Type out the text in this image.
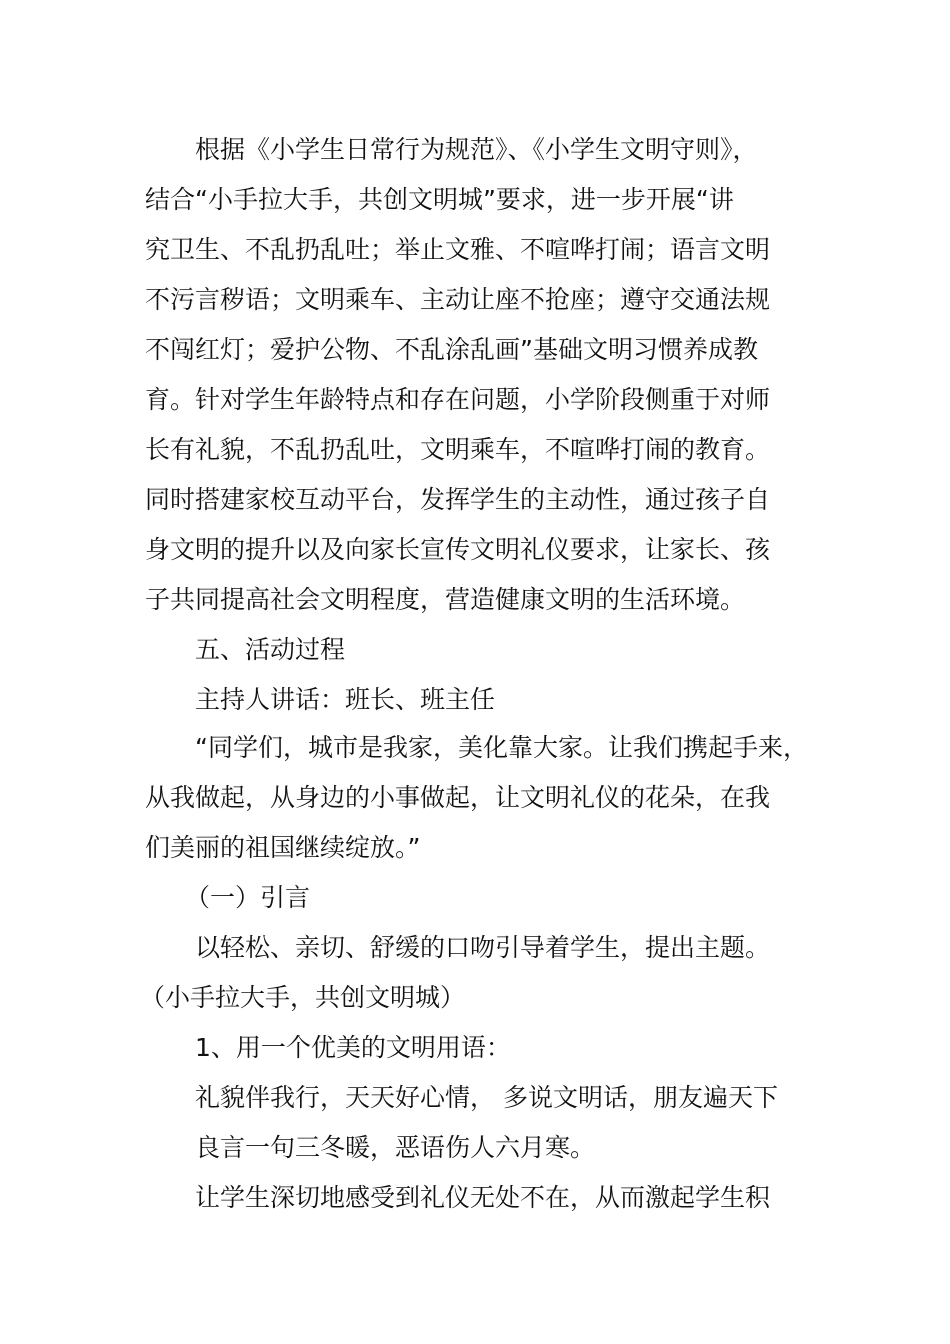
根据《小学生日常行为规范》、《小学生文明守则》，
结合“小手拉大手，共创文明城”要求，进一步开展“讲
究卫生、不乱扔乱吐；举止文雅、不喧哗打闹；语言文明
不污言秽语；文明乘车、主动让座不抢座；遵守交通法规
不闯红灯；爱护公物、不乱涂乱画”基础文明习惯养成教
育。针对学生年龄特点和存在问题，小学阶段侧重于对师
长有礼貌，不乱扔乱吐，文明乘车，不喧哗打闹的教育。
同时搭建家校互动平台，发挥学生的主动性，通过孩子自
身文明的提升以及向家长宣传文明礼仪要求，让家长、孩
子共同提高社会文明程度，营造健康文明的生活环境。
五、活动过程
主持人讲话：班长、班主任
“同学们，城市是我家，美化靠大家。让我们携起手来，
从我做起，从身边的小事做起，让文明礼仪的花朵，在我
们美丽的祖国继续绽放。”
（一）引言
以轻松、亲切、舒缓的口吻引导着学生，提出主题。
（小手拉大手，共创文明城）
1、用一个优美的文明用语：
礼貌伴我行，天天好心情， 多说文明话，朋友遍天下
良言一句三冬暖，恶语伤人六月寒。
让学生深切地感受到礼仪无处不在，从而激起学生积
